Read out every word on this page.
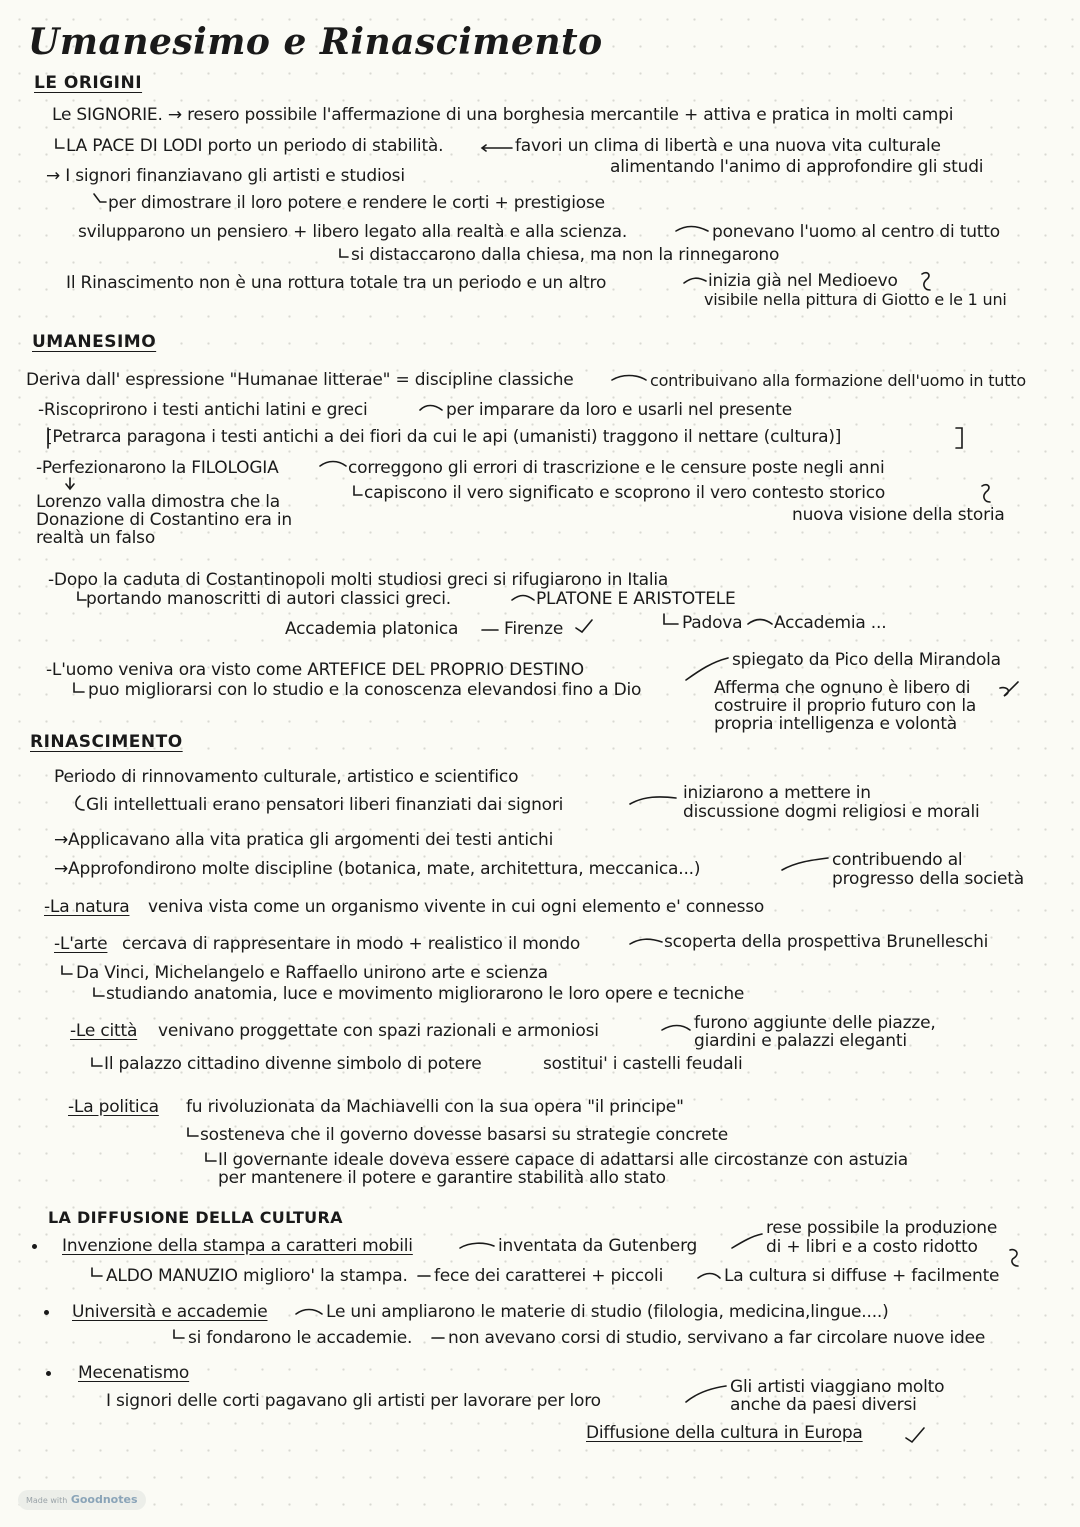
Umanesimo e Rinascimento
LE ORIGINI
Le SIGNORIE. → resero possibile l'affermazione di una borghesia mercantile + attiva e pratica in molti campi
LA PACE DI LODI porto un periodo di stabilità.	favori un clima di libertà e una nuova vita culturale
alimentando l'animo di approfondire gli studi
→ I signori finanziavano gli artisti e studiosi
per dimostrare il loro potere e rendere le corti + prestigiose
svilupparono un pensiero + libero legato alla realtà e alla scienza.	ponevano l'uomo al centro di tutto
si distaccarono dalla chiesa, ma non la rinnegarono
Il Rinascimento non è una rottura totale tra un periodo e un altro	inizia già nel Medioevo
visibile nella pittura di Giotto e le 1 uni
UMANESIMO
Deriva dall' espressione "Humanae litterae" = discipline classiche	contribuivano alla formazione dell'uomo in tutto
-Riscoprirono i testi antichi latini e greci	per imparare da loro e usarli nel presente
[Petrarca paragona i testi antichi a dei fiori da cui le api (umanisti) traggono il nettare (cultura)]
-Perfezionarono la FILOLOGIA	correggono gli errori di trascrizione e le censure poste negli anni
capiscono il vero significato e scoprono il vero contesto storico
nuova visione della storia
Lorenzo valla dimostra che la
Donazione di Costantino era in
realtà un falso
-Dopo la caduta di Costantinopoli molti studiosi greci si rifugiarono in Italia
portando manoscritti di autori classici greci.	PLATONE E ARISTOTELE
Accademia platonica	Firenze	Padova Accademia ...
-L'uomo veniva ora visto come ARTEFICE DEL PROPRIO DESTINO
puo migliorarsi con lo studio e la conoscenza elevandosi fino a Dio
spiegato da Pico della Mirandola
Afferma che ognuno è libero di
costruire il proprio futuro con la
propria intelligenza e volontà
RINASCIMENTO
Periodo di rinnovamento culturale, artistico e scientifico
Gli intellettuali erano pensatori liberi finanziati dai signori
iniziarono a mettere in
discussione dogmi religiosi e morali
→Applicavano alla vita pratica gli argomenti dei testi antichi
→Approfondirono molte discipline (botanica, mate, architettura, meccanica...)	contribuendo al
progresso della società
-La natura veniva vista come un organismo vivente in cui ogni elemento e' connesso
-L'arte cercava di rappresentare in modo + realistico il mondo	scoperta della prospettiva Brunelleschi
Da Vinci, Michelangelo e Raffaello unirono arte e scienza
studiando anatomia, luce e movimento migliorarono le loro opere e tecniche
-Le città venivano proggettate con spazi razionali e armoniosi	furono aggiunte delle piazze,
giardini e palazzi eleganti
Il palazzo cittadino divenne simbolo di potere	sostitui' i castelli feudali
-La politica fu rivoluzionata da Machiavelli con la sua opera "il principe"
sosteneva che il governo dovesse basarsi su strategie concrete
Il governante ideale doveva essere capace di adattarsi alle circostanze con astuzia
per mantenere il potere e garantire stabilità allo stato
LA DIFFUSIONE DELLA CULTURA
Invenzione della stampa a caratteri mobili	inventata da Gutenberg
rese possibile la produzione
di + libri e a costo ridotto
ALDO MANUZIO miglioro' la stampa. fece dei caratterei + piccoli	La cultura si diffuse + facilmente
Università e accademie	Le uni ampliarono le materie di studio (filologia, medicina,lingue....)
si fondarono le accademie. non avevano corsi di studio, servivano a far circolare nuove idee
Mecenatismo
I signori delle corti pagavano gli artisti per lavorare per loro
Gli artisti viaggiano molto
anche da paesi diversi
Diffusione della cultura in Europa
Made with Goodnotes
